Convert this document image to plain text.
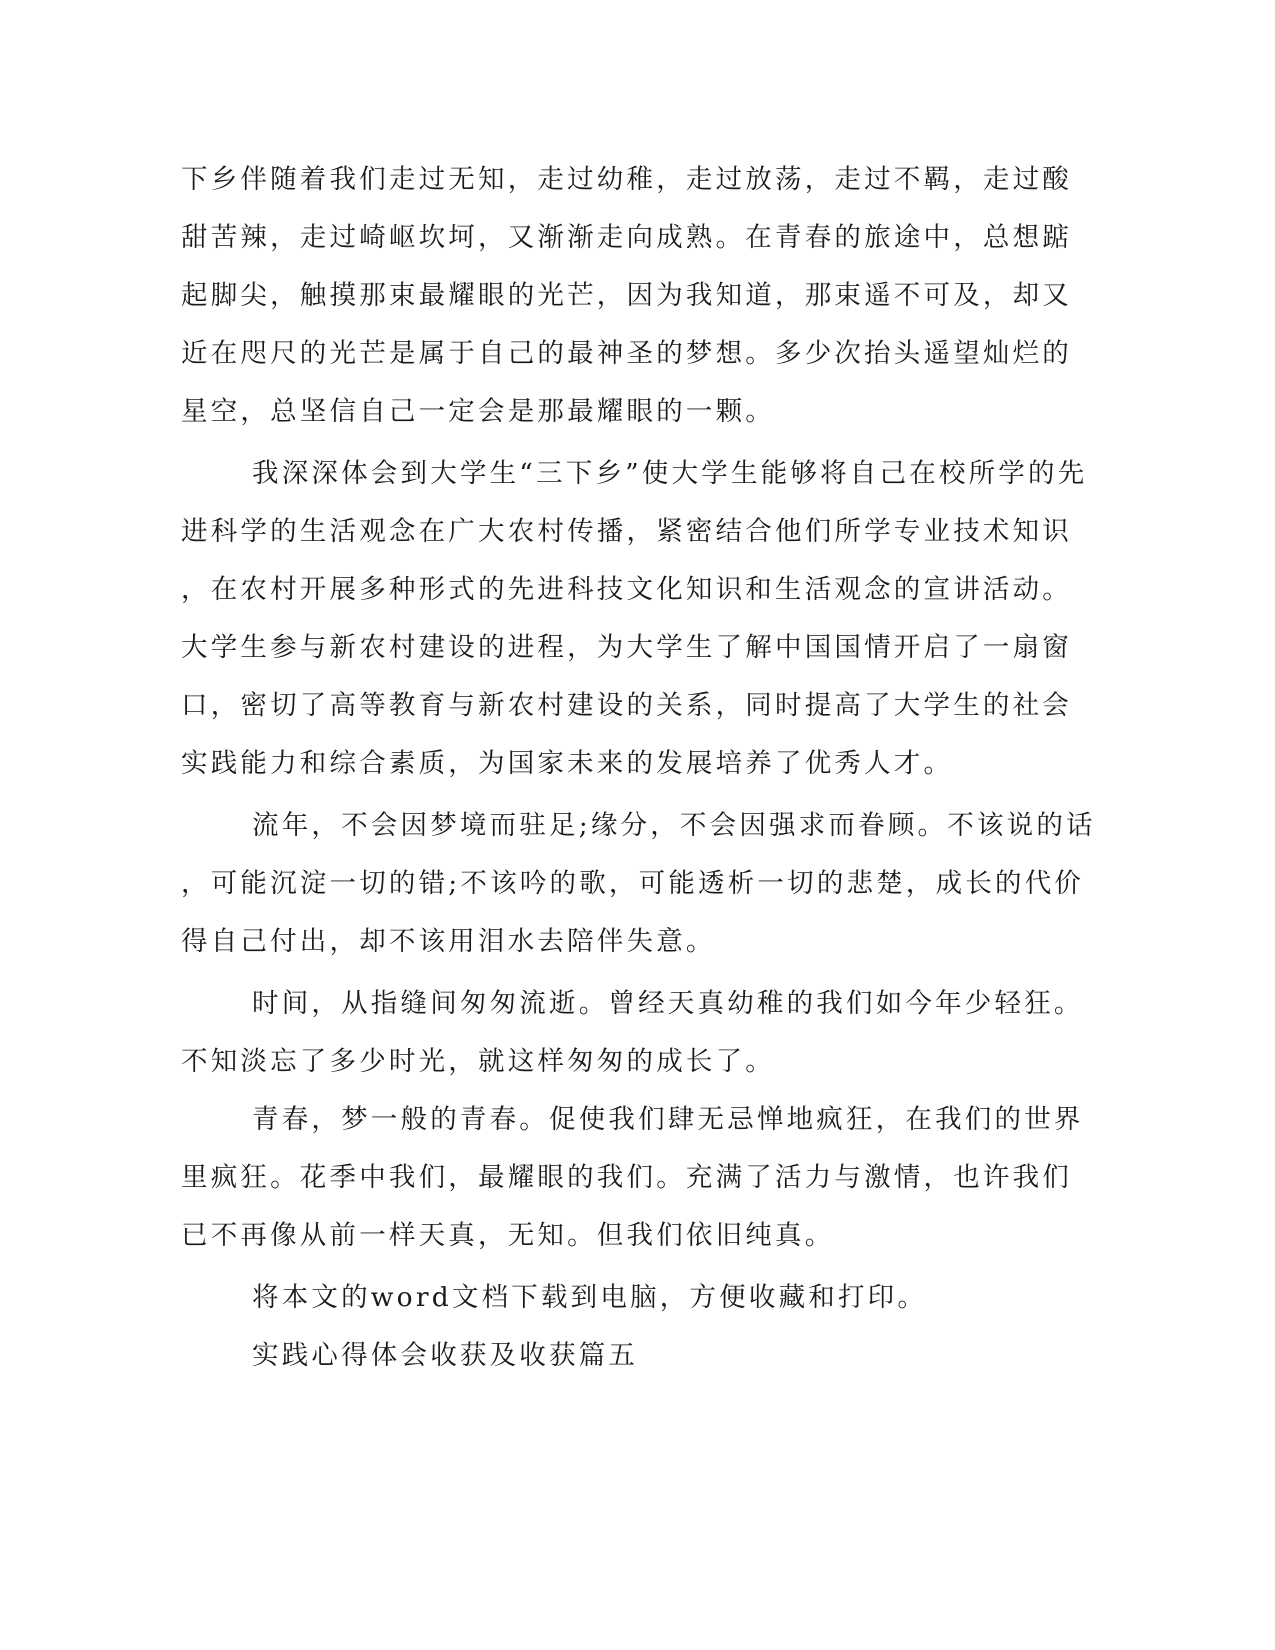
下乡伴随着我们走过无知，走过幼稚，走过放荡，走过不羁，走过酸
甜苦辣，走过崎岖坎坷，又渐渐走向成熟。在青春的旅途中，总想踮
起脚尖，触摸那束最耀眼的光芒，因为我知道，那束遥不可及，却又
近在咫尺的光芒是属于自己的最神圣的梦想。多少次抬头遥望灿烂的
星空，总坚信自己一定会是那最耀眼的一颗。
我深深体会到大学生“三下乡”使大学生能够将自己在校所学的先
进科学的生活观念在广大农村传播，紧密结合他们所学专业技术知识
，在农村开展多种形式的先进科技文化知识和生活观念的宣讲活动。
大学生参与新农村建设的进程，为大学生了解中国国情开启了一扇窗
口，密切了高等教育与新农村建设的关系，同时提高了大学生的社会
实践能力和综合素质，为国家未来的发展培养了优秀人才。
流年，不会因梦境而驻足;缘分，不会因强求而眷顾。不该说的话
，可能沉淀一切的错;不该吟的歌，可能透析一切的悲楚，成长的代价
得自己付出，却不该用泪水去陪伴失意。
时间，从指缝间匆匆流逝。曾经天真幼稚的我们如今年少轻狂。
不知淡忘了多少时光，就这样匆匆的成长了。
青春，梦一般的青春。促使我们肆无忌惮地疯狂，在我们的世界
里疯狂。花季中我们，最耀眼的我们。充满了活力与激情，也许我们
已不再像从前一样天真，无知。但我们依旧纯真。
将本文的word文档下载到电脑，方便收藏和打印。
实践心得体会收获及收获篇五
